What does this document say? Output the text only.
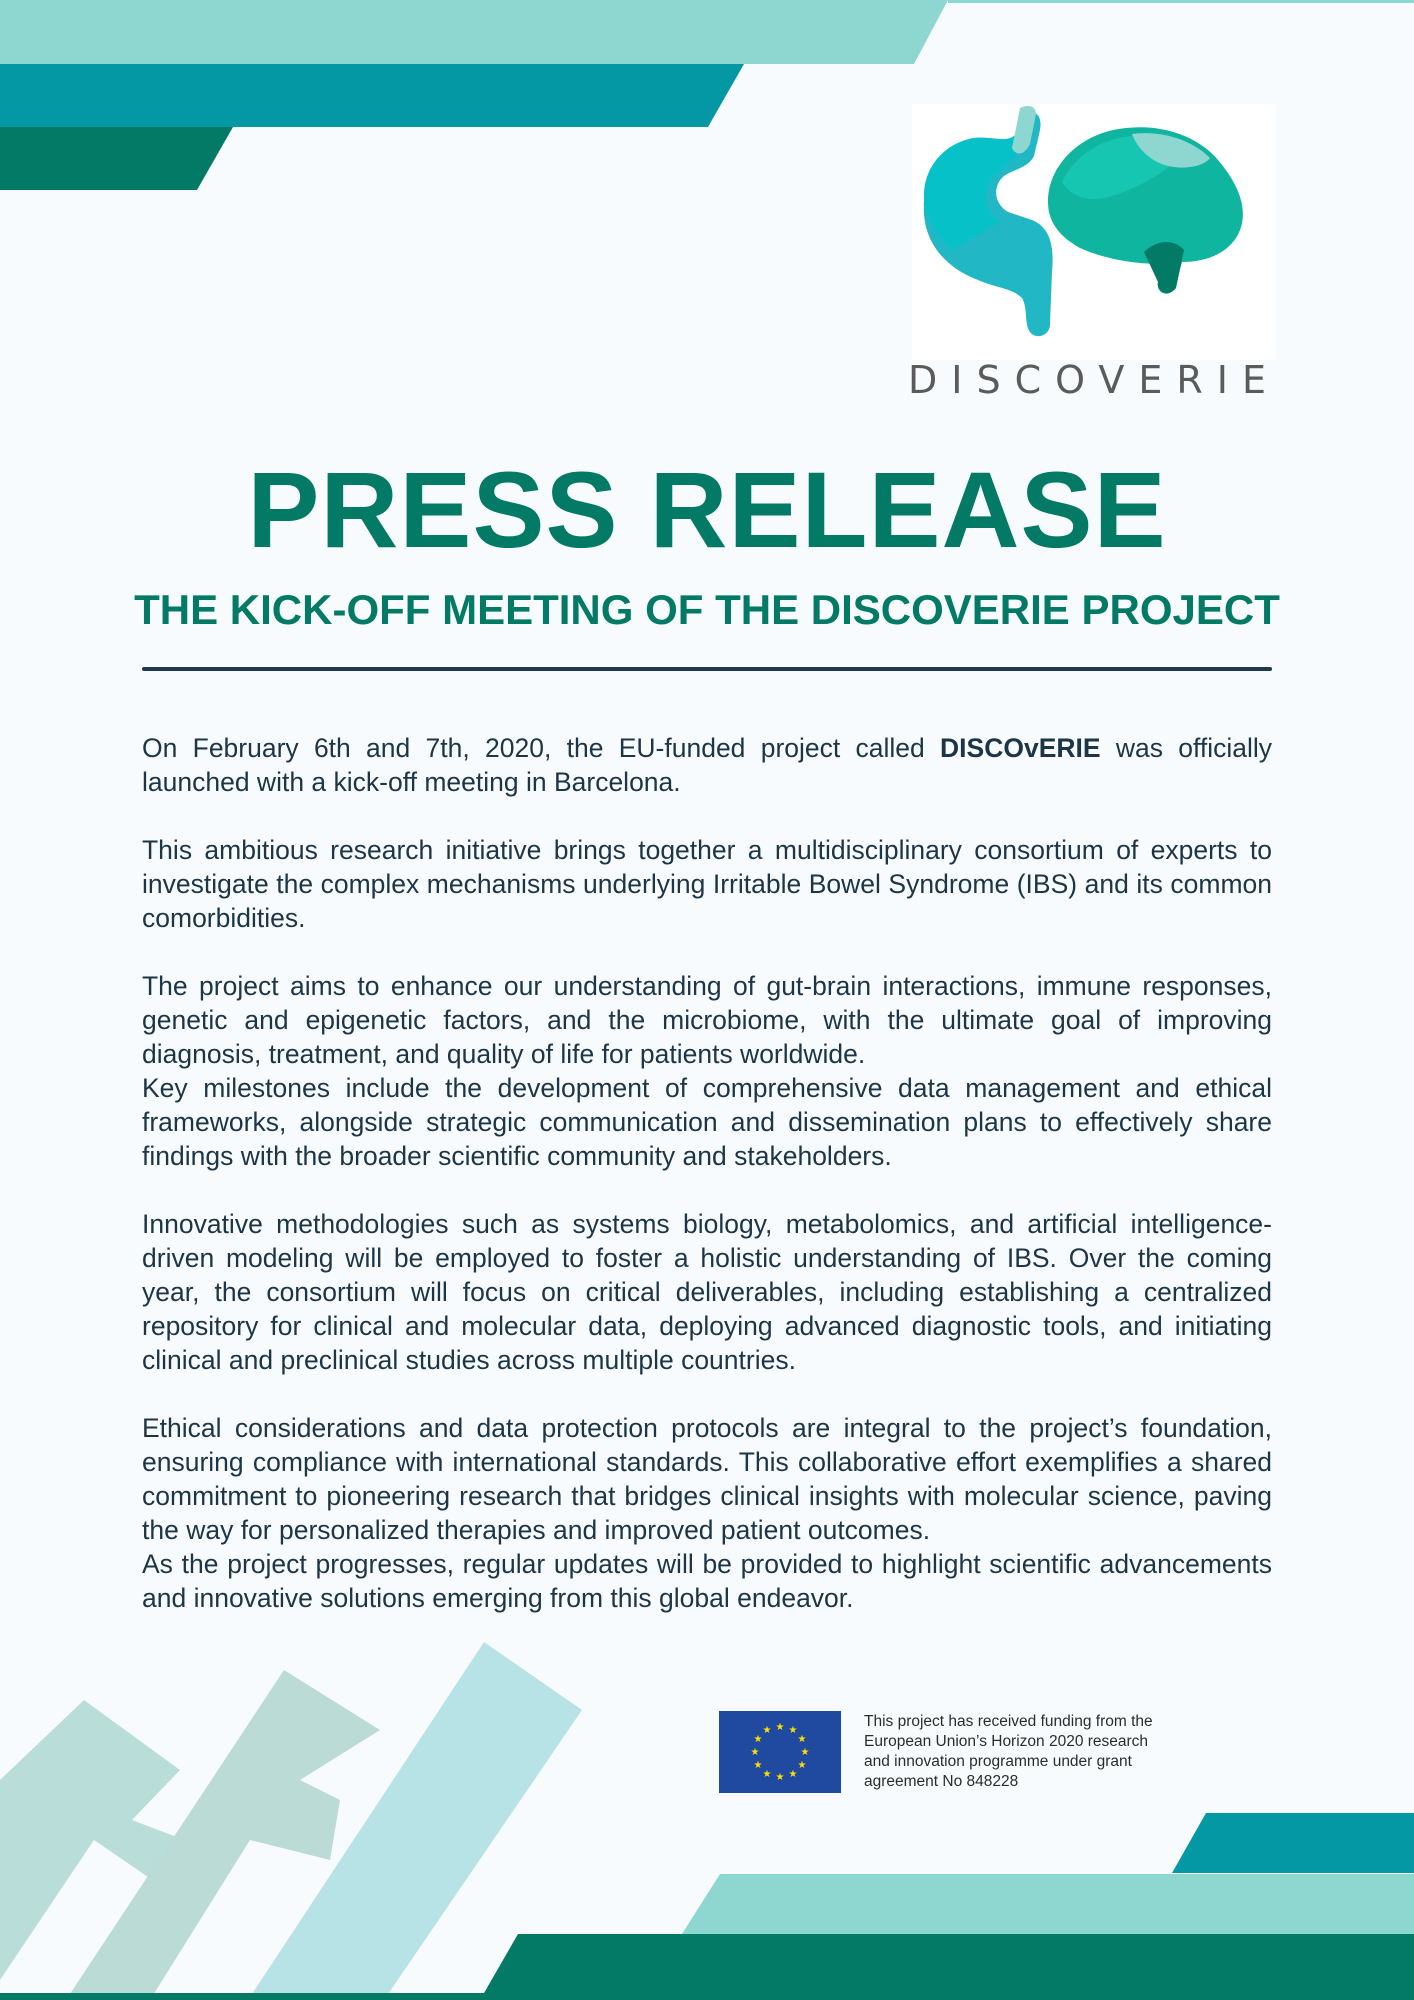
DISCOVERIE
PRESS RELEASE
THE KICK-OFF MEETING OF THE DISCOVERIE PROJECT

On February 6th and 7th, 2020, the EU-funded project called DISCOvERIE was officially launched with a kick-off meeting in Barcelona.

This ambitious research initiative brings together a multidisciplinary consortium of experts to investigate the complex mechanisms underlying Irritable Bowel Syndrome (IBS) and its common comorbidities.

The project aims to enhance our understanding of gut-brain interactions, immune responses, genetic and epigenetic factors, and the microbiome, with the ultimate goal of improving diagnosis, treatment, and quality of life for patients worldwide.

Key milestones include the development of comprehensive data management and ethical frameworks, alongside strategic communication and dissemination plans to effectively share findings with the broader scientific community and stakeholders.

Innovative methodologies such as systems biology, metabolomics, and artificial intelligence-driven modeling will be employed to foster a holistic understanding of IBS. Over the coming year, the consortium will focus on critical deliverables, including establishing a centralized repository for clinical and molecular data, deploying advanced diagnostic tools, and initiating clinical and preclinical studies across multiple countries.

Ethical considerations and data protection protocols are integral to the project’s foundation, ensuring compliance with international standards. This collaborative effort exemplifies a shared commitment to pioneering research that bridges clinical insights with molecular science, paving the way for personalized therapies and improved patient outcomes.

As the project progresses, regular updates will be provided to highlight scientific advancements and innovative solutions emerging from this global endeavor.

★ ★
★
★
★
★
★
★
★
★
★
★
This project has received funding from the
European Union’s Horizon 2020 research
and innovation programme under grant
agreement No 848228
